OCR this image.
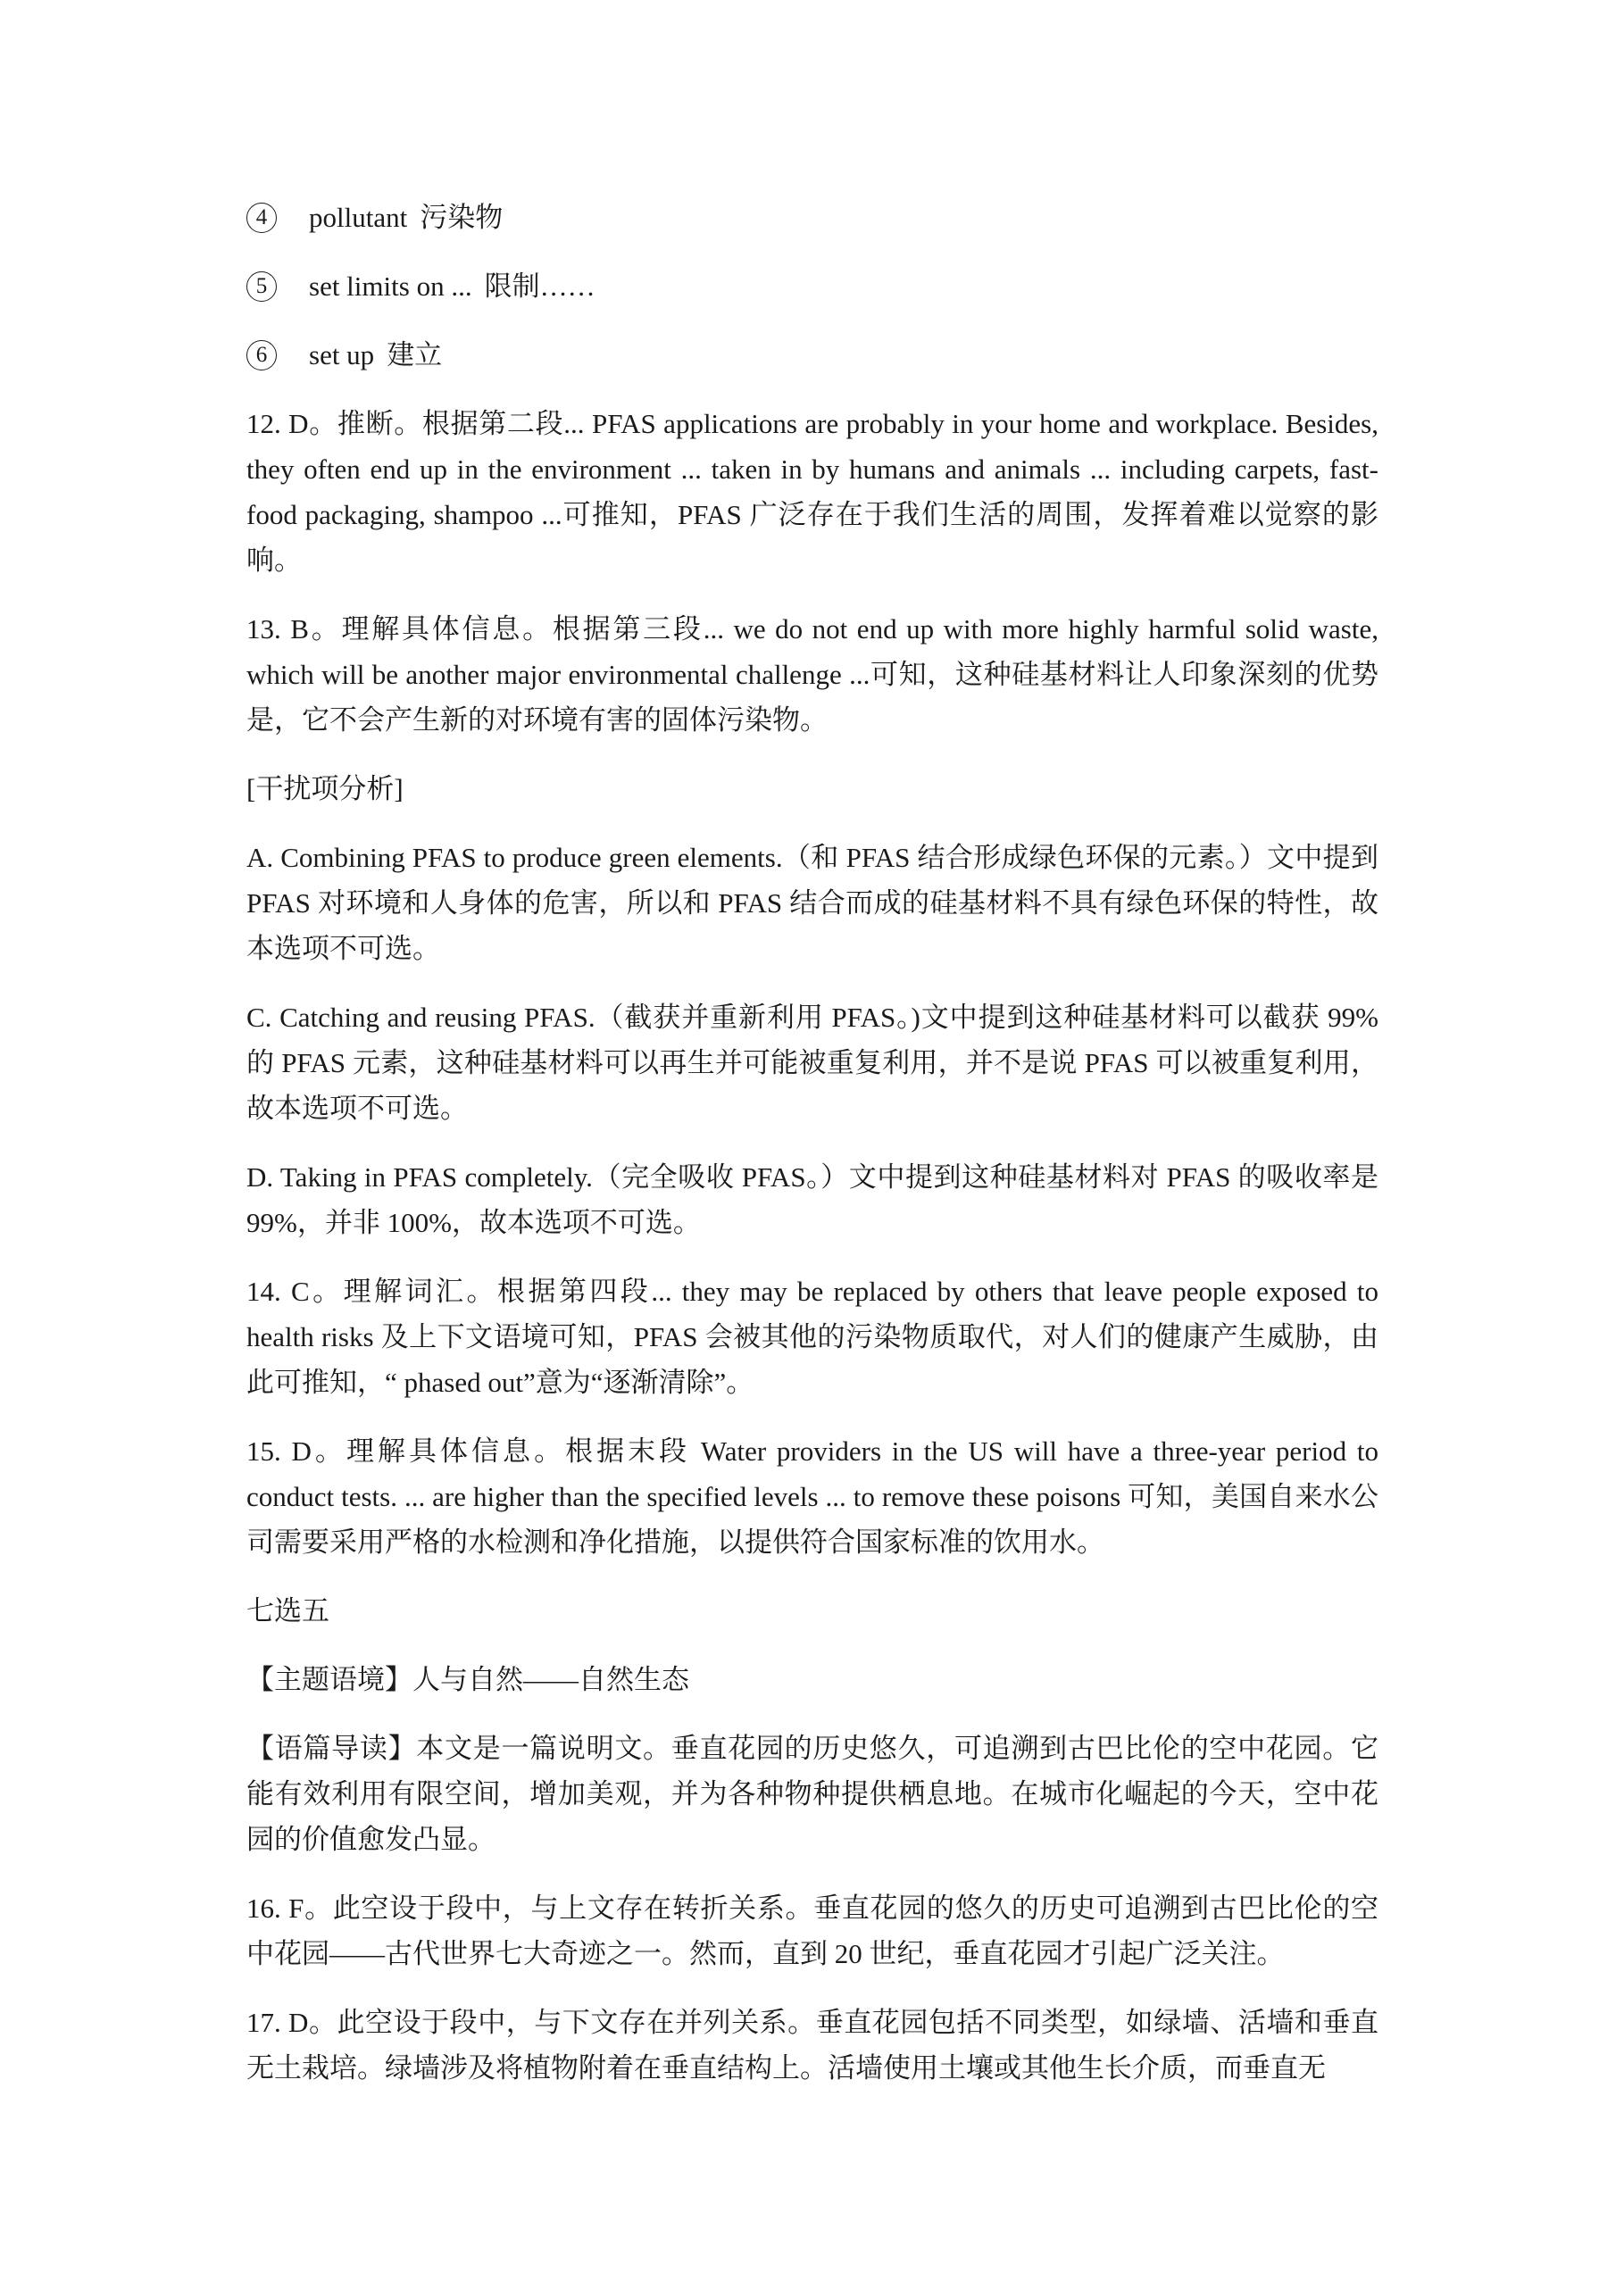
4	pollutant 污染物
5	set limits on ... 限制……
6	set up 建立

12. D。推断。根据第二段... PFAS applications are probably in your home and workplace. Besides, they often end up in the environment ... taken in by humans and animals ... including carpets, fast-food packaging, shampoo ...可推知，PFAS 广泛存在于我们生活的周围，发挥着难以觉察的影响。

13. B。理解具体信息。根据第三段... we do not end up with more highly harmful solid waste, which will be another major environmental challenge ...可知，这种硅基材料让人印象深刻的优势是，它不会产生新的对环境有害的固体污染物。

[干扰项分析]

A. Combining PFAS to produce green elements.（和 PFAS 结合形成绿色环保的元素。）文中提到 PFAS 对环境和人身体的危害，所以和 PFAS 结合而成的硅基材料不具有绿色环保的特性，故本选项不可选。

C. Catching and reusing PFAS.（截获并重新利用 PFAS。)文中提到这种硅基材料可以截获 99% 的 PFAS 元素，这种硅基材料可以再生并可能被重复利用，并不是说 PFAS 可以被重复利用，故本选项不可选。

D. Taking in PFAS completely.（完全吸收 PFAS。）文中提到这种硅基材料对 PFAS 的吸收率是 99%，并非 100%，故本选项不可选。

14. C。理解词汇。根据第四段... they may be replaced by others that leave people exposed to health risks 及上下文语境可知，PFAS 会被其他的污染物质取代，对人们的健康产生威胁，由此可推知，“ phased out”意为“逐渐清除”。

15. D。理解具体信息。根据末段 Water providers in the US will have a three-year period to conduct tests. ... are higher than the specified levels ... to remove these poisons 可知，美国自来水公司需要采用严格的水检测和净化措施，以提供符合国家标准的饮用水。

七选五

【主题语境】人与自然——自然生态

【语篇导读】本文是一篇说明文。垂直花园的历史悠久，可追溯到古巴比伦的空中花园。它能有效利用有限空间，增加美观，并为各种物种提供栖息地。在城市化崛起的今天，空中花园的价值愈发凸显。

16. F。此空设于段中，与上文存在转折关系。垂直花园的悠久的历史可追溯到古巴比伦的空中花园——古代世界七大奇迹之一。然而，直到 20 世纪，垂直花园才引起广泛关注。

17. D。此空设于段中，与下文存在并列关系。垂直花园包括不同类型，如绿墙、活墙和垂直无土栽培。绿墙涉及将植物附着在垂直结构上。活墙使用土壤或其他生长介质，而垂直无
